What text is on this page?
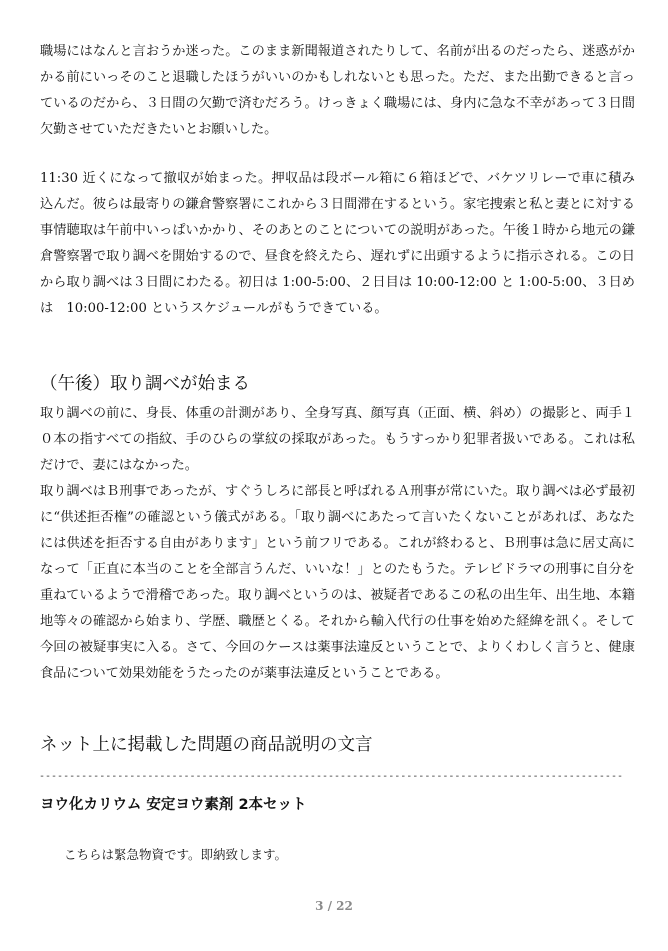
職場にはなんと言おうか迷った。このまま新聞報道されたりして、名前が出るのだったら、迷惑がかかる前にいっそのこと退職したほうがいいのかもしれないとも思った。ただ、また出勤できると言っているのだから、３日間の欠勤で済むだろう。けっきょく職場には、身内に急な不幸があって３日間欠勤させていただきたいとお願いした。

11:30 近くになって撤収が始まった。押収品は段ボール箱に６箱ほどで、バケツリレーで車に積み込んだ。彼らは最寄りの鎌倉警察署にこれから３日間滞在するという。家宅捜索と私と妻とに対する事情聴取は午前中いっぱいかかり、そのあとのことについての説明があった。午後１時から地元の鎌倉警察署で取り調べを開始するので、昼食を終えたら、遅れずに出頭するように指示される。この日から取り調べは３日間にわたる。初日は 1:00-5:00、２日目は 10:00-12:00 と 1:00-5:00、３日めは　10:00-12:00 というスケジュールがもうできている。

（午後）取り調べが始まる

取り調べの前に、身長、体重の計測があり、全身写真、顔写真（正面、横、斜め）の撮影と、両手１０本の指すべての指紋、手のひらの掌紋の採取があった。もうすっかり犯罪者扱いである。これは私だけで、妻にはなかった。

取り調べはＢ刑事であったが、すぐうしろに部長と呼ばれるＡ刑事が常にいた。取り調べは必ず最初に“供述拒否権”の確認という儀式がある。「取り調べにあたって言いたくないことがあれば、あなたには供述を拒否する自由があります」という前フリである。これが終わると、Ｂ刑事は急に居丈高になって「正直に本当のことを全部言うんだ、いいな！」とのたもうた。テレビドラマの刑事に自分を重ねているようで滑稽であった。取り調べというのは、被疑者であるこの私の出生年、出生地、本籍地等々の確認から始まり、学歴、職歴とくる。それから輸入代行の仕事を始めた経緯を訊く。そして今回の被疑事実に入る。さて、今回のケースは薬事法違反ということで、よりくわしく言うと、健康食品について効果効能をうたったのが薬事法違反ということである。

ネット上に掲載した問題の商品説明の文言
-------------------------------------------------------------------------------------------------
ヨウ化カリウム 安定ヨウ素剤 2本セット
こちらは緊急物資です。即納致します。
3 / 22
